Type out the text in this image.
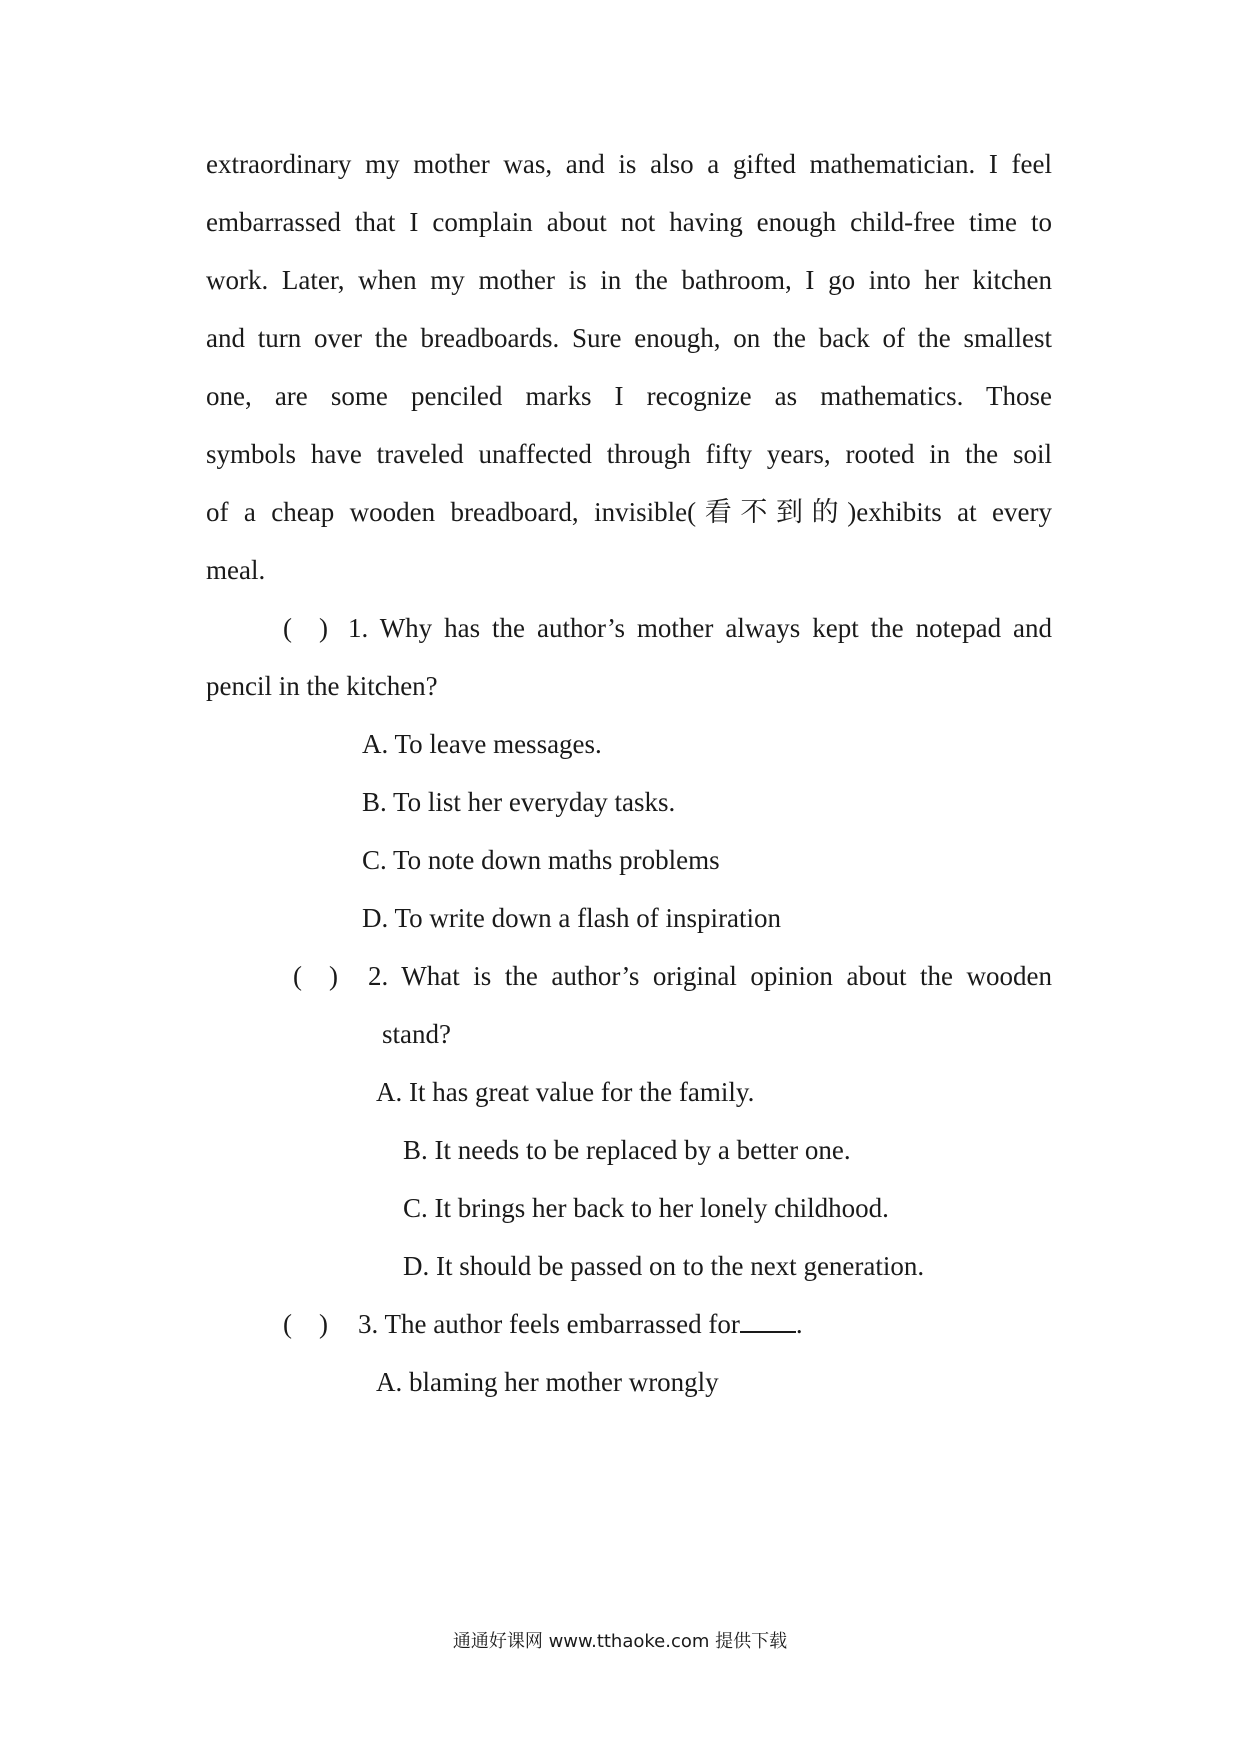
extraordinary my mother was, and is also a gifted mathematician. I feel
embarrassed that I complain about not having enough child-free time to
work. Later, when my mother is in the bathroom, I go into her kitchen
and turn over the breadboards. Sure enough, on the back of the smallest
one, are some penciled marks I recognize as mathematics. Those
symbols have traveled unaffected through fifty years, rooted in the soil
of a cheap wooden breadboard, invisible(看不到的)exhibits at every
meal.
(　) 1. Why has the author’s mother always kept the notepad and
pencil in the kitchen?
A. To leave messages.
B. To list her everyday tasks.
C. To note down maths problems
D. To write down a flash of inspiration
(　) 2. What is the author’s original opinion about the wooden
stand?
A. It has great value for the family.
B. It needs to be replaced by a better one.
C. It brings her back to her lonely childhood.
D. It should be passed on to the next generation.
(　) 3. The author feels embarrassed for .
A. blaming her mother wrongly
通通好课网 www.tthaoke.com 提供下载
